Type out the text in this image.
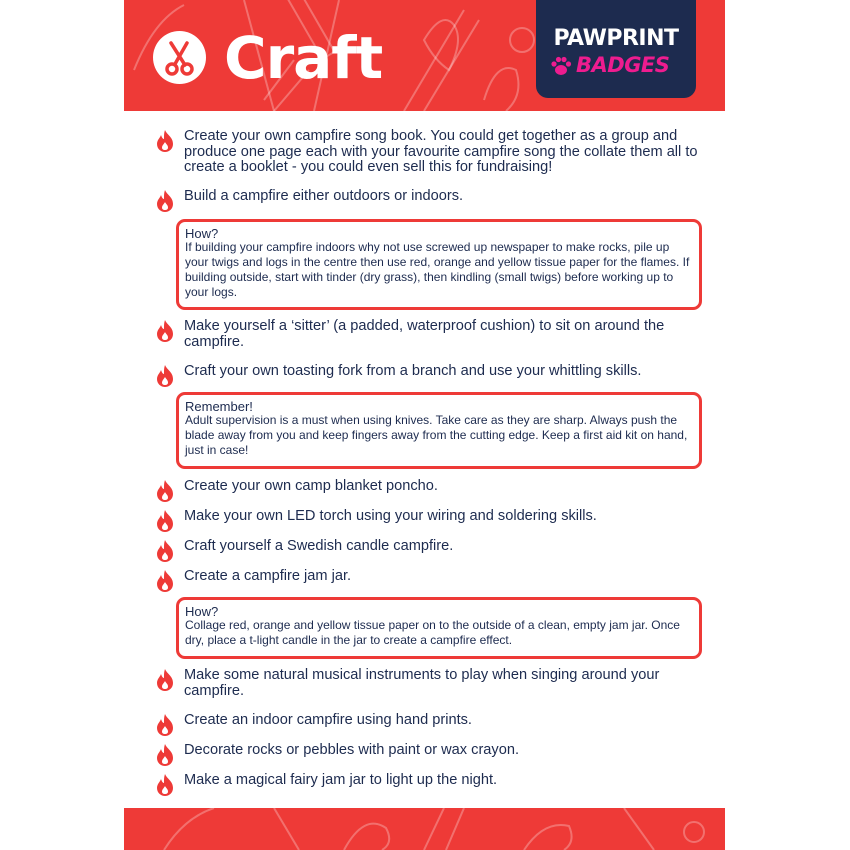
Craft	PAWPRINT
BADGES
Create your own campfire song book. You could get together as a group and produce one page each with your favourite campfire song the collate them all to create a booklet - you could even sell this for fundraising!
Build a campfire either outdoors or indoors.
How?
If building your campfire indoors why not use screwed up newspaper to make rocks, pile up your twigs and logs in the centre then use red, orange and yellow tissue paper for the flames. If building outside, start with tinder (dry grass), then kindling (small twigs) before working up to your logs.
Make yourself a ‘sitter’ (a padded, waterproof cushion) to sit on around the campfire.
Craft your own toasting fork from a branch and use your whittling skills.
Remember!
Adult supervision is a must when using knives. Take care as they are sharp. Always push the blade away from you and keep fingers away from the cutting edge. Keep a first aid kit on hand, just in case!
Create your own camp blanket poncho.
Make your own LED torch using your wiring and soldering skills.
Craft yourself a Swedish candle campfire.
Create a campfire jam jar.
How?
Collage red, orange and yellow tissue paper on to the outside of a clean, empty jam jar. Once dry, place a t-light candle in the jar to create a campfire effect.
Make some natural musical instruments to play when singing around your campfire.
Create an indoor campfire using hand prints.
Decorate rocks or pebbles with paint or wax crayon.
Make a magical fairy jam jar to light up the night.
